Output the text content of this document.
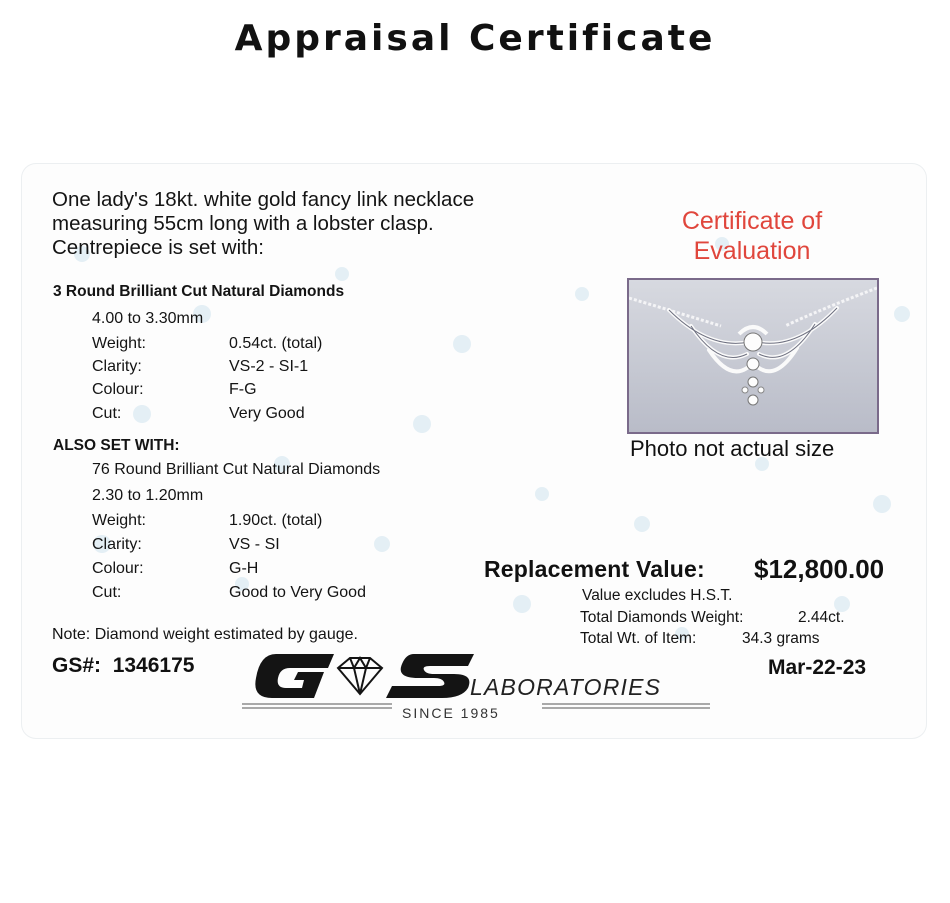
Appraisal Certificate
One lady's 18kt. white gold fancy link necklace
measuring 55cm long with a lobster clasp.
Centrepiece is set with:
3 Round Brilliant Cut Natural Diamonds
4.00 to 3.30mm
Weight:	0.54ct. (total)
Clarity:	VS-2 - SI-1
Colour:	F-G
Cut:	Very Good
ALSO SET WITH:
76 Round Brilliant Cut Natural Diamonds
2.30 to 1.20mm
Weight:	1.90ct. (total)
Clarity:	VS - SI
Colour:	G-H
Cut:	Good to Very Good
Note: Diamond weight estimated by gauge.
Certificate of
Evaluation
Photo not actual size
Replacement Value: $12,800.00
Value excludes H.S.T.
Total Diamonds Weight:	2.44ct.
Total Wt. of Item:	34.3 grams
GS#: 1346175	Mar-22-23
LABORATORIES
SINCE 1985
